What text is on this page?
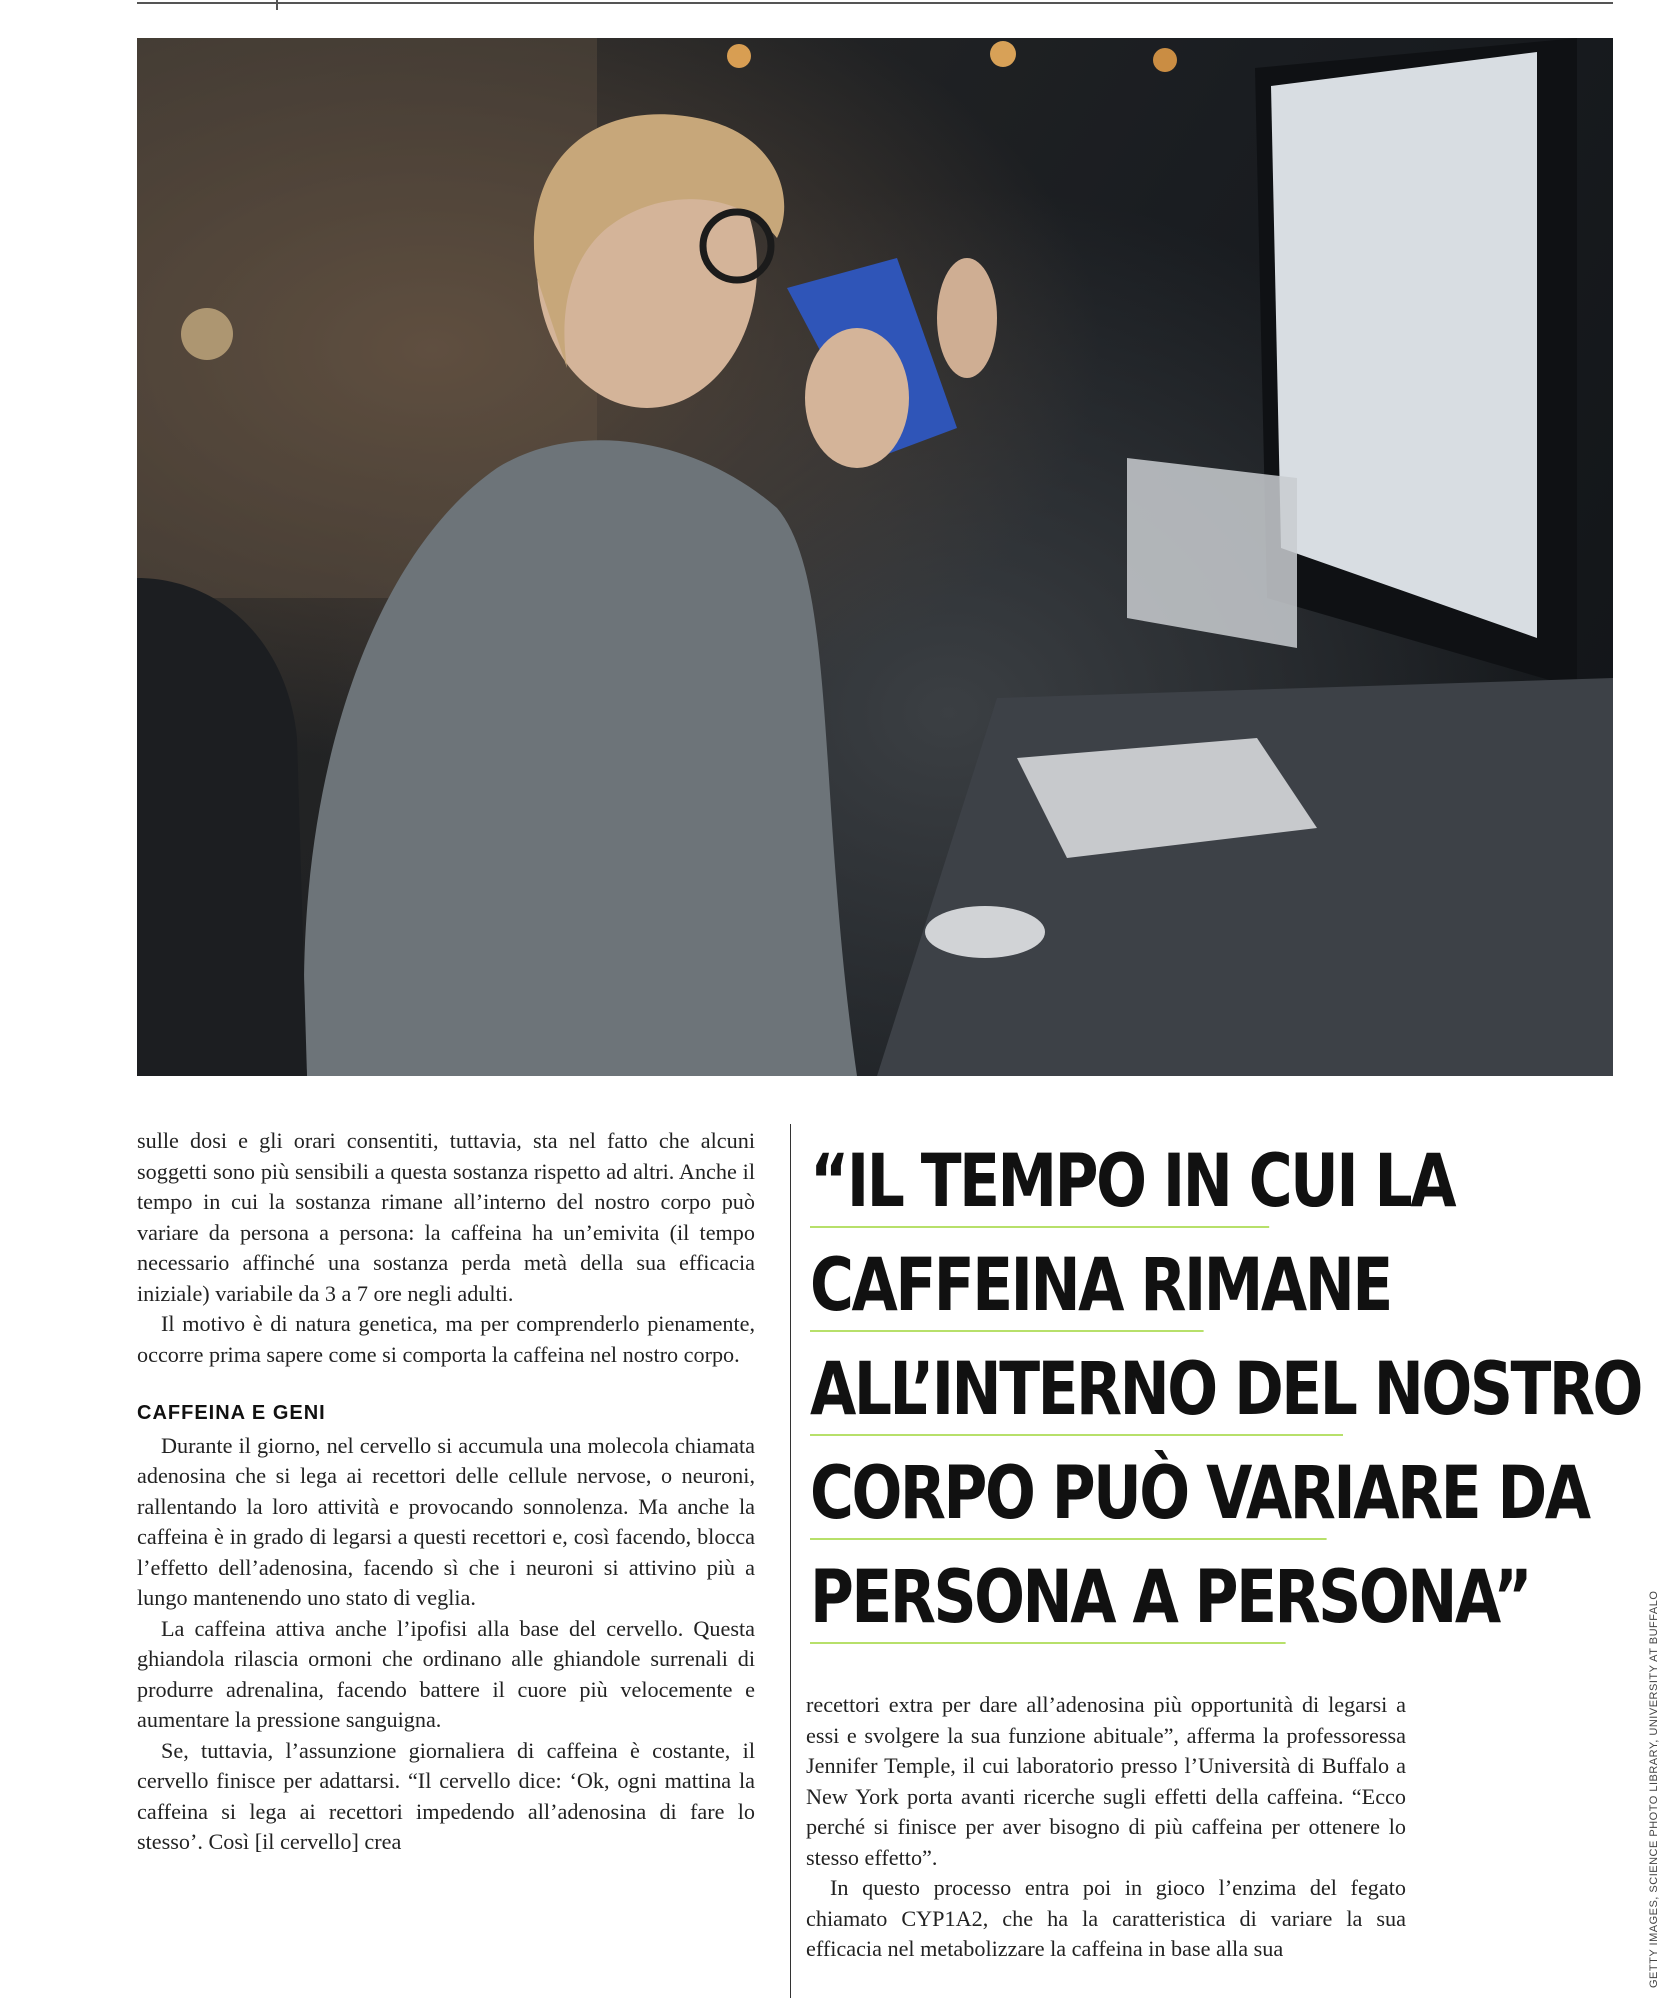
sulle dosi e gli orari consentiti, tuttavia, sta nel fatto che alcuni soggetti sono più sensibili a questa sostanza rispetto ad altri. Anche il tempo in cui la sostanza rimane all’interno del nostro corpo può variare da persona a persona: la caffeina ha un’emivita (il tempo necessario affinché una sostanza perda metà della sua efficacia iniziale) variabile da 3 a 7 ore negli adulti.

Il motivo è di natura genetica, ma per comprenderlo pienamente, occorre prima sapere come si comporta la caffeina nel nostro corpo.

CAFFEINA E GENI

Durante il giorno, nel cervello si accumula una molecola chiamata adenosina che si lega ai recettori delle cellule nervose, o neuroni, rallentando la loro attività e provocando sonnolenza. Ma anche la caffeina è in grado di legarsi a questi recettori e, così facendo, blocca l’effetto dell’adenosina, facendo sì che i neuroni si attivino più a lungo mantenendo uno stato di veglia.

La caffeina attiva anche l’ipofisi alla base del cervello. Questa ghiandola rilascia ormoni che ordinano alle ghiandole surrenali di produrre adrenalina, facendo battere il cuore più velocemente e aumentare la pressione sanguigna.

Se, tuttavia, l’assunzione giornaliera di caffeina è costante, il cervello finisce per adattarsi. “Il cervello dice: ‘Ok, ogni mattina la caffeina si lega ai recettori impedendo all’adenosina di fare lo stesso’. Così [il cervello] crea

“IL TEMPO IN CUI LA
CAFFEINA RIMANE
ALL’INTERNO DEL NOSTRO
CORPO PUÒ VARIARE DA
PERSONA A PERSONA”

recettori extra per dare all’adenosina più opportunità di legarsi a essi e svolgere la sua funzione abituale”, afferma la professoressa Jennifer Temple, il cui laboratorio presso l’Università di Buffalo a New York porta avanti ricerche sugli effetti della caffeina. “Ecco perché si finisce per aver bisogno di più caffeina per ottenere lo stesso effetto”.

In questo processo entra poi in gioco l’enzima del fegato chiamato CYP1A2, che ha la caratteristica di variare la sua efficacia nel metabolizzare la caffeina in base alla sua	GETTY IMAGES, SCIENCE PHOTO LIBRARY, UNIVERSITY AT BUFFALO
